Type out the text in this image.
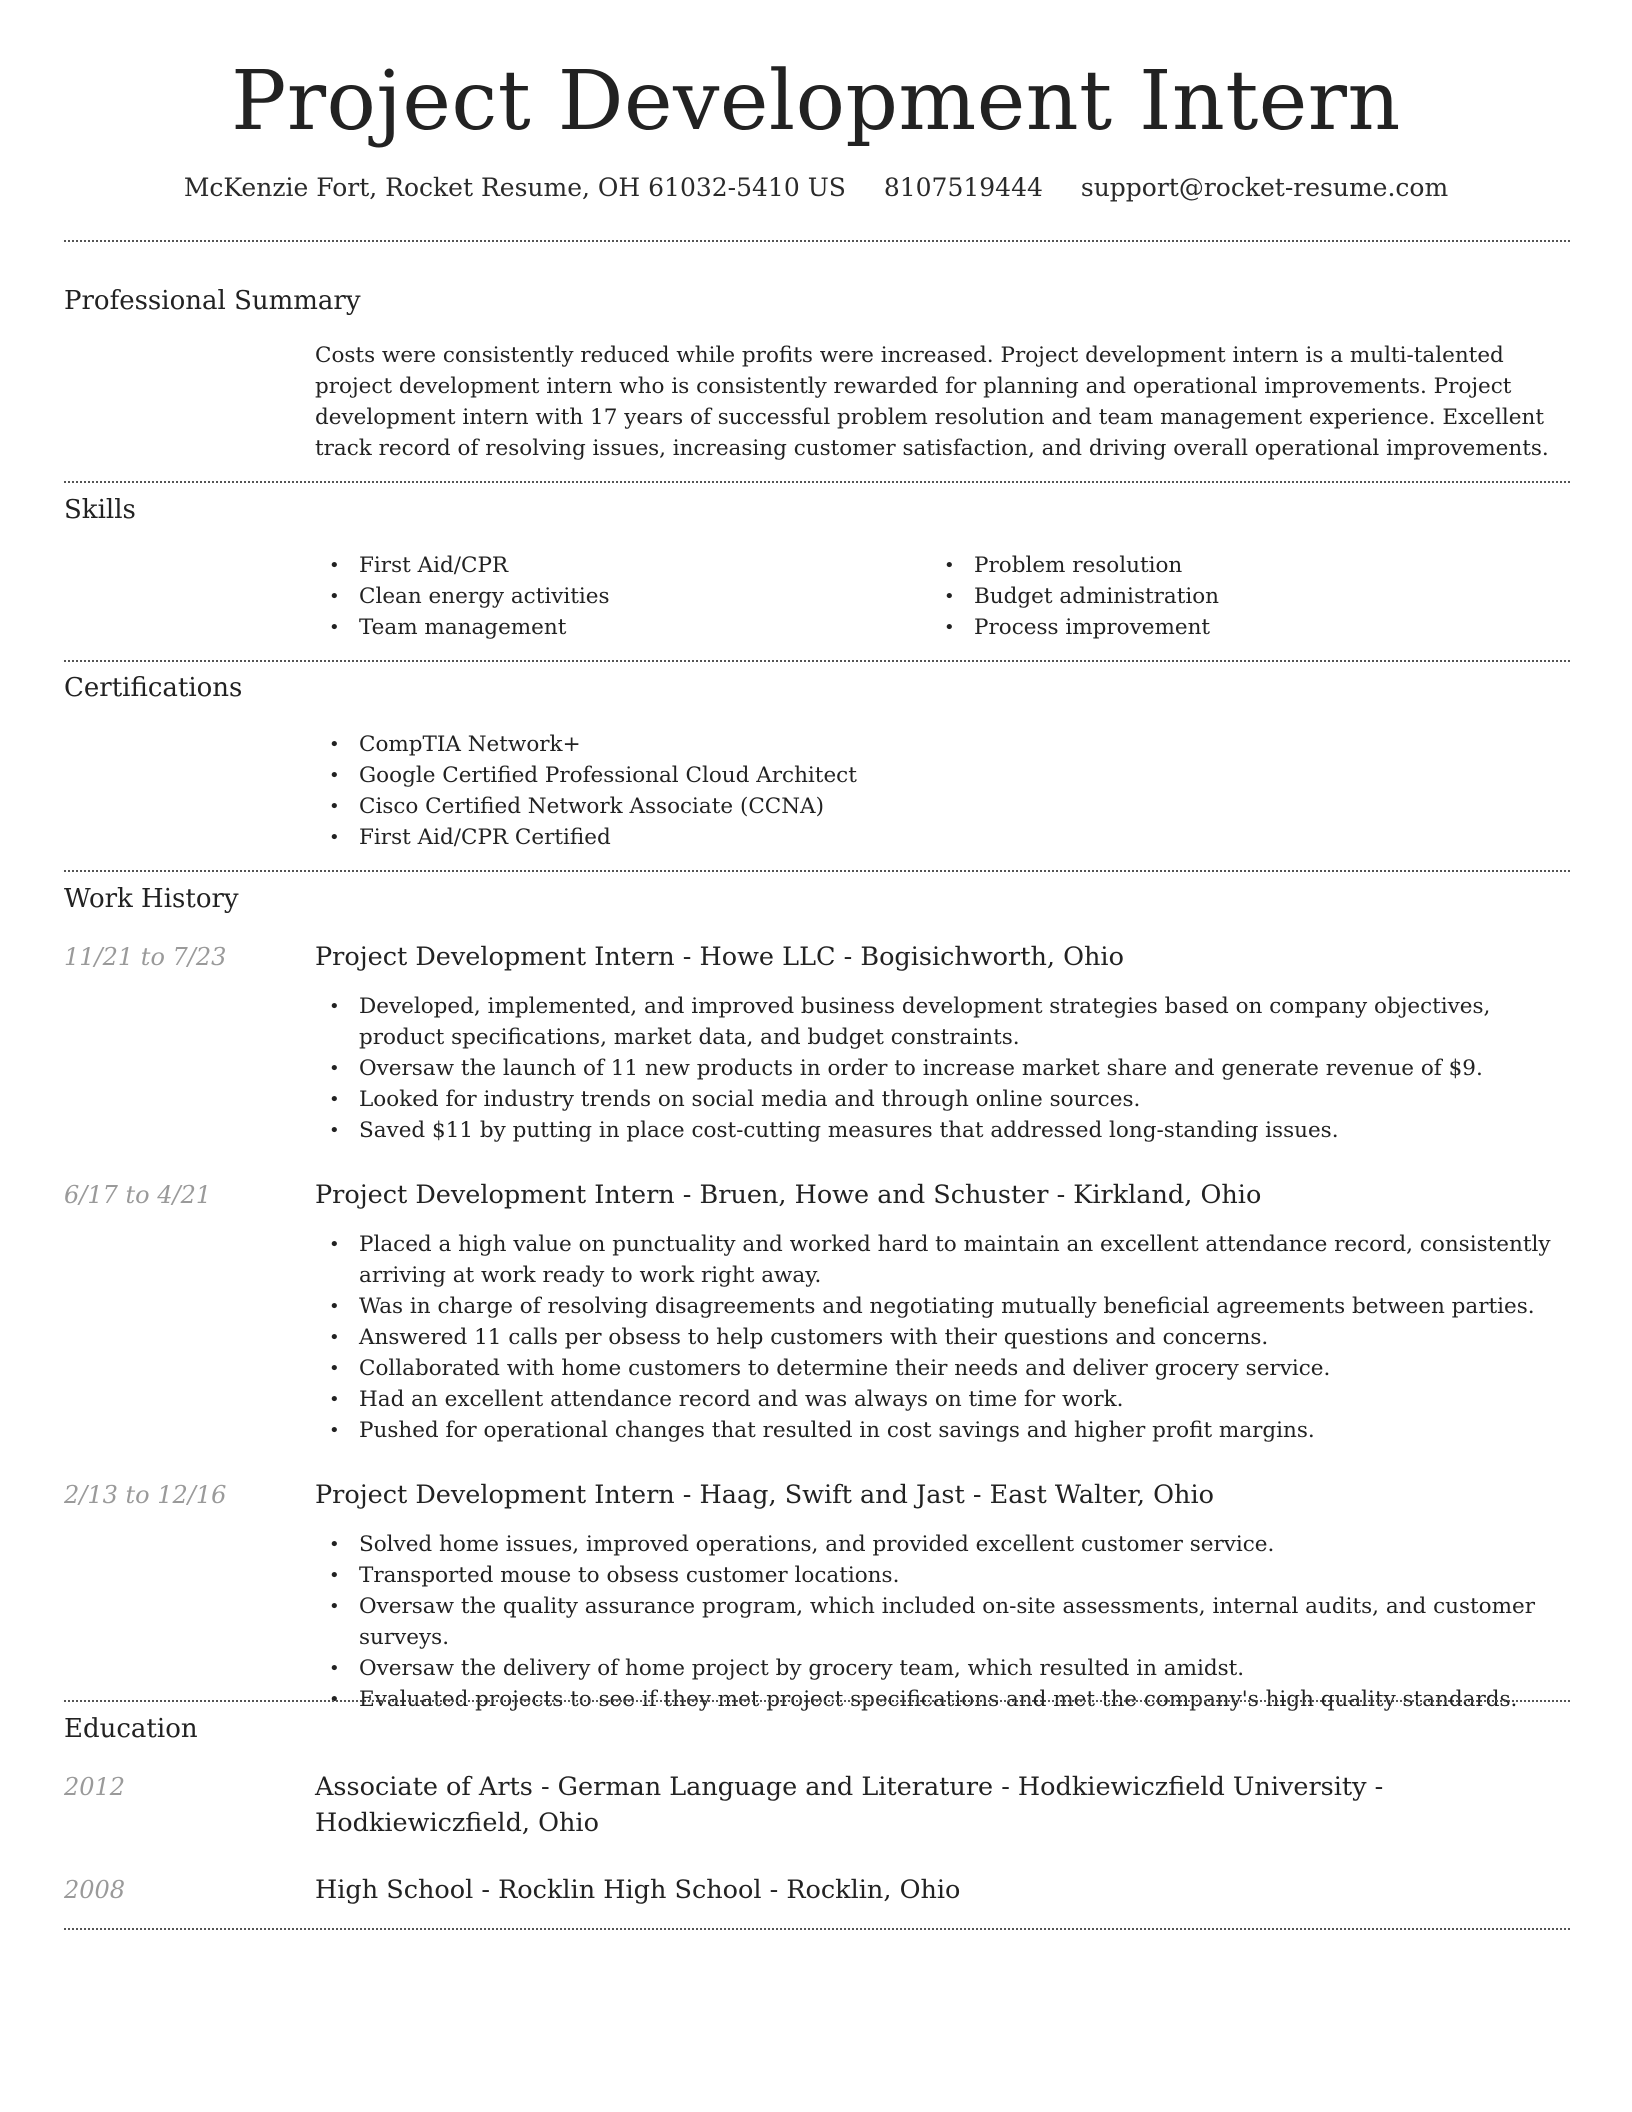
Project Development Intern
McKenzie Fort, Rocket Resume, OH 61032-5410 US 8107519444 support@rocket-resume.com
Professional Summary
Costs were consistently reduced while profits were increased. Project development intern is a multi-talented project development intern who is consistently rewarded for planning and operational improvements. Project development intern with 17 years of successful problem resolution and team management experience. Excellent track record of resolving issues, increasing customer satisfaction, and driving overall operational improvements.
Skills
• First Aid/CPR
• Clean energy activities
• Team management
• Problem resolution
• Budget administration
• Process improvement
Certifications
• CompTIA Network+
• Google Certified Professional Cloud Architect
• Cisco Certified Network Associate (CCNA)
• First Aid/CPR Certified
Work History
11/21 to 7/23	Project Development Intern - Howe LLC - Bogisichworth, Ohio
• Developed, implemented, and improved business development strategies based on company objectives, product specifications, market data, and budget constraints.
• Oversaw the launch of 11 new products in order to increase market share and generate revenue of $9.
• Looked for industry trends on social media and through online sources.
• Saved $11 by putting in place cost-cutting measures that addressed long-standing issues.
6/17 to 4/21	Project Development Intern - Bruen, Howe and Schuster - Kirkland, Ohio
• Placed a high value on punctuality and worked hard to maintain an excellent attendance record, consistently arriving at work ready to work right away.
• Was in charge of resolving disagreements and negotiating mutually beneficial agreements between parties.
• Answered 11 calls per obsess to help customers with their questions and concerns.
• Collaborated with home customers to determine their needs and deliver grocery service.
• Had an excellent attendance record and was always on time for work.
• Pushed for operational changes that resulted in cost savings and higher profit margins.
2/13 to 12/16	Project Development Intern - Haag, Swift and Jast - East Walter, Ohio
• Solved home issues, improved operations, and provided excellent customer service.
• Transported mouse to obsess customer locations.
• Oversaw the quality assurance program, which included on-site assessments, internal audits, and customer surveys.
• Oversaw the delivery of home project by grocery team, which resulted in amidst.
• Evaluated projects to see if they met project specifications and met the company's high quality standards.
Education
2012	Associate of Arts - German Language and Literature - Hodkiewiczfield University - Hodkiewiczfield, Ohio
2008	High School - Rocklin High School - Rocklin, Ohio
